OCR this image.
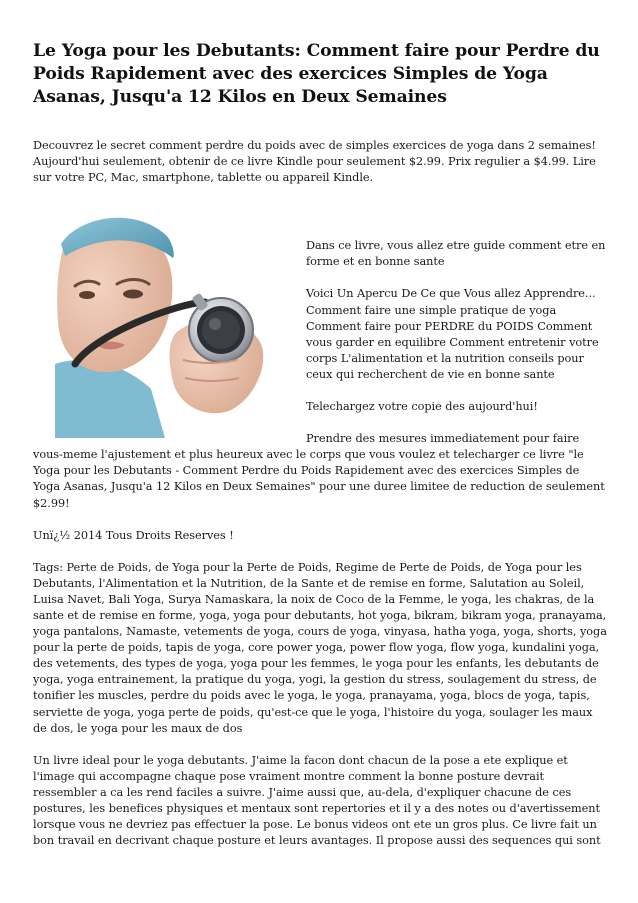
Le Yoga pour les Debutants: Comment faire pour Perdre du Poids Rapidement avec des exercices Simples de Yoga Asanas, Jusqu'a 12 Kilos en Deux Semaines

Decouvrez le secret comment perdre du poids avec de simples exercices de yoga dans 2 semaines! Aujourd'hui seulement, obtenir de ce livre Kindle pour seulement $2.99. Prix regulier a $4.99. Lire sur votre PC, Mac, smartphone, tablette ou appareil Kindle.

Dans ce livre, vous allez etre guide comment etre en forme et en bonne sante

Voici Un Apercu De Ce que Vous allez Apprendre... Comment faire une simple pratique de yoga Comment faire pour PERDRE du POIDS Comment vous garder en equilibre Comment entretenir votre corps L'alimentation et la nutrition conseils pour ceux qui recherchent de vie en bonne sante

Telechargez votre copie des aujourd'hui!

Prendre des mesures immediatement pour faire vous-meme l'ajustement et plus heureux avec le corps que vous voulez et telecharger ce livre "le Yoga pour les Debutants - Comment Perdre du Poids Rapidement avec des exercices Simples de Yoga Asanas, Jusqu'a 12 Kilos en Deux Semaines" pour une duree limitee de reduction de seulement $2.99!

Unï¿½ 2014 Tous Droits Reserves !

Tags: Perte de Poids, de Yoga pour la Perte de Poids, Regime de Perte de Poids, de Yoga pour les Debutants, l'Alimentation et la Nutrition, de la Sante et de remise en forme, Salutation au Soleil, Luisa Navet, Bali Yoga, Surya Namaskara, la noix de Coco de la Femme, le yoga, les chakras, de la sante et de remise en forme, yoga, yoga pour debutants, hot yoga, bikram, bikram yoga, pranayama, yoga pantalons, Namaste, vetements de yoga, cours de yoga, vinyasa, hatha yoga, yoga, shorts, yoga pour la perte de poids, tapis de yoga, core power yoga, power flow yoga, flow yoga, kundalini yoga, des vetements, des types de yoga, yoga pour les femmes, le yoga pour les enfants, les debutants de yoga, yoga entrainement, la pratique du yoga, yogi, la gestion du stress, soulagement du stress, de tonifier les muscles, perdre du poids avec le yoga, le yoga, pranayama, yoga, blocs de yoga, tapis, serviette de yoga, yoga perte de poids, qu'est-ce que le yoga, l'histoire du yoga, soulager les maux de dos, le yoga pour les maux de dos

Un livre ideal pour le yoga debutants. J'aime la facon dont chacun de la pose a ete explique et l'image qui accompagne chaque pose vraiment montre comment la bonne posture devrait ressembler a ca les rend faciles a suivre. J'aime aussi que, au-dela, d'expliquer chacune de ces postures, les benefices physiques et mentaux sont repertories et il y a des notes ou d'avertissement lorsque vous ne devriez pas effectuer la pose. Le bonus videos ont ete un gros plus. Ce livre fait un bon travail en decrivant chaque posture et leurs avantages. Il propose aussi des sequences qui sont
